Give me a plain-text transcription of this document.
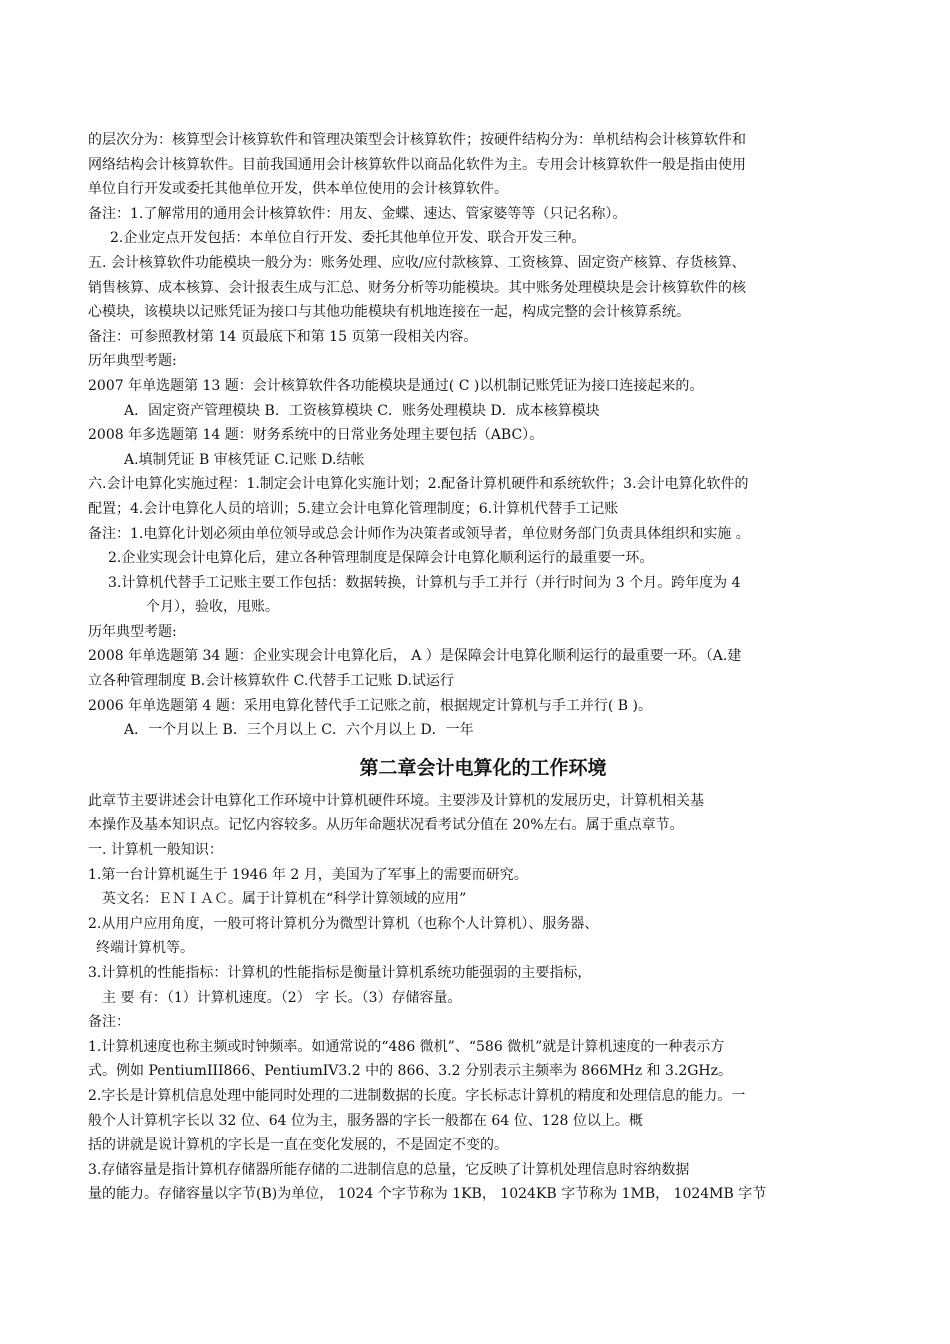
的层次分为：核算型会计核算软件和管理决策型会计核算软件；按硬件结构分为：单机结构会计核算软件和
网络结构会计核算软件。目前我国通用会计核算软件以商品化软件为主。专用会计核算软件一般是指由使用
单位自行开发或委托其他单位开发，供本单位使用的会计核算软件。
备注：1.了解常用的通用会计核算软件：用友、金蝶、速达、管家婆等等（只记名称）。
2.企业定点开发包括：本单位自行开发、委托其他单位开发、联合开发三种。
五. 会计核算软件功能模块一般分为：账务处理、应收/应付款核算、工资核算、固定资产核算、存货核算、
销售核算、成本核算、会计报表生成与汇总、财务分析等功能模块。其中账务处理模块是会计核算软件的核
心模块，该模块以记账凭证为接口与其他功能模块有机地连接在一起，构成完整的会计核算系统。
备注：可参照教材第 14 页最底下和第 15 页第一段相关内容。
历年典型考题:
2007 年单选题第 13 题：会计核算软件各功能模块是通过( C )以机制记账凭证为接口连接起来的。
A．固定资产管理模块 B．工资核算模块 C．账务处理模块 D．成本核算模块
2008 年多选题第 14 题：财务系统中的日常业务处理主要包括（ABC）。
A.填制凭证 B 审核凭证 C.记账 D.结帐
六.会计电算化实施过程：1.制定会计电算化实施计划；2.配备计算机硬件和系统软件；3.会计电算化软件的
配置；4.会计电算化人员的培训；5.建立会计电算化管理制度；6.计算机代替手工记账
备注：1.电算化计划必须由单位领导或总会计师作为决策者或领导者，单位财务部门负责具体组织和实施 。
2.企业实现会计电算化后，建立各种管理制度是保障会计电算化顺利运行的最重要一环。
3.计算机代替手工记账主要工作包括：数据转换，计算机与手工并行（并行时间为 3 个月。跨年度为 4
个月），验收，甩账。
历年典型考题:
2008 年单选题第 34 题：企业实现会计电算化后， A ）是保障会计电算化顺利运行的最重要一环。（A.建
立各种管理制度 B.会计核算软件 C.代替手工记账 D.试运行
2006 年单选题第 4 题：采用电算化替代手工记账之前，根据规定计算机与手工并行( B )。
A．一个月以上 B．三个月以上 C．六个月以上 D．一年
第二章会计电算化的工作环境
此章节主要讲述会计电算化工作环境中计算机硬件环境。主要涉及计算机的发展历史，计算机相关基
本操作及基本知识点。记忆内容较多。从历年命题状况看考试分值在 20%左右。属于重点章节。
一. 计算机一般知识：
1.第一台计算机诞生于 1946 年 2 月，美国为了军事上的需要而研究。
英文名：ＥＮＩＡＣ。属于计算机在“科学计算领域的应用”
2.从用户应用角度，一般可将计算机分为微型计算机（也称个人计算机）、服务器、
终端计算机等。
3.计算机的性能指标：计算机的性能指标是衡量计算机系统功能强弱的主要指标，
主 要 有：（1）计算机速度。（2） 字 长。（3）存储容量。
备注：
1.计算机速度也称主频或时钟频率。如通常说的“486 微机”、“586 微机”就是计算机速度的一种表示方
式。例如 PentiumIII866、PentiumIV3.2 中的 866、3.2 分别表示主频率为 866MHz 和 3.2GHz。
2.字长是计算机信息处理中能同时处理的二进制数据的长度。字长标志计算机的精度和处理信息的能力。一
般个人计算机字长以 32 位、64 位为主，服务器的字长一般都在 64 位、128 位以上。概
括的讲就是说计算机的字长是一直在变化发展的，不是固定不变的。
3.存储容量是指计算机存储器所能存储的二进制信息的总量，它反映了计算机处理信息时容纳数据
量的能力。存储容量以字节(B)为单位， 1024 个字节称为 1KB， 1024KB 字节称为 1MB， 1024MB 字节
